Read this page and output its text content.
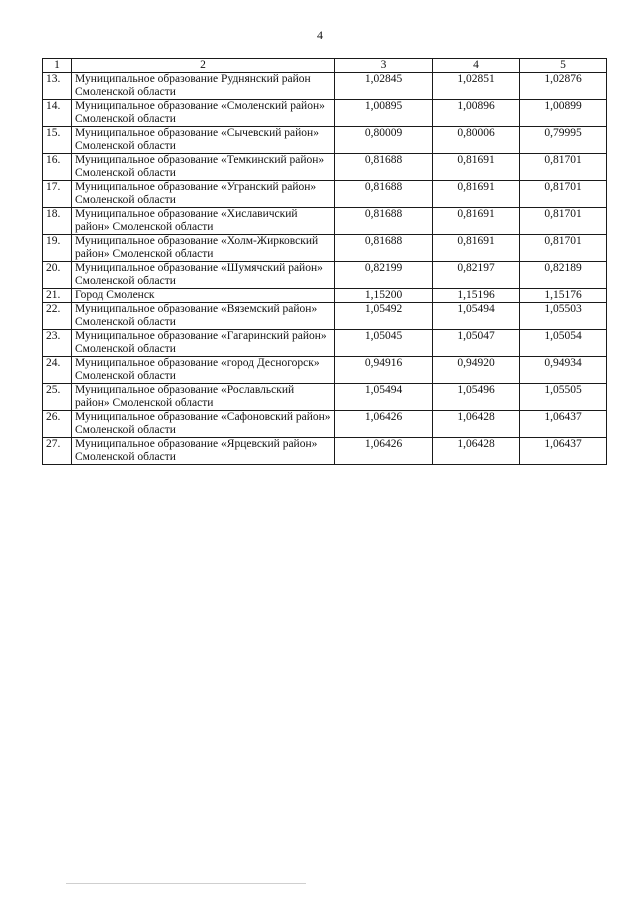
4
1	2	3	4	5
13.	Муниципальное образование Руднянский район Смоленской области	1,02845	1,02851	1,02876
14.	Муниципальное образование «Смоленский район» Смоленской области	1,00895	1,00896	1,00899
15.	Муниципальное образование «Сычевский район» Смоленской области	0,80009	0,80006	0,79995
16.	Муниципальное образование «Темкинский район» Смоленской области	0,81688	0,81691	0,81701
17.	Муниципальное образование «Угранский район» Смоленской области	0,81688	0,81691	0,81701
18.	Муниципальное образование «Хиславичский район» Смоленской области	0,81688	0,81691	0,81701
19.	Муниципальное образование «Холм-Жирковский район» Смоленской области	0,81688	0,81691	0,81701
20.	Муниципальное образование «Шумячский район» Смоленской области	0,82199	0,82197	0,82189
21.	Город Смоленск	1,15200	1,15196	1,15176
22.	Муниципальное образование «Вяземский район» Смоленской области	1,05492	1,05494	1,05503
23.	Муниципальное образование «Гагаринский район» Смоленской области	1,05045	1,05047	1,05054
24.	Муниципальное образование «город Десногорск» Смоленской области	0,94916	0,94920	0,94934
25.	Муниципальное образование «Рославльский район» Смоленской области	1,05494	1,05496	1,05505
26.	Муниципальное образование «Сафоновский район» Смоленской области	1,06426	1,06428	1,06437
27.	Муниципальное образование «Ярцевский район» Смоленской области	1,06426	1,06428	1,06437
